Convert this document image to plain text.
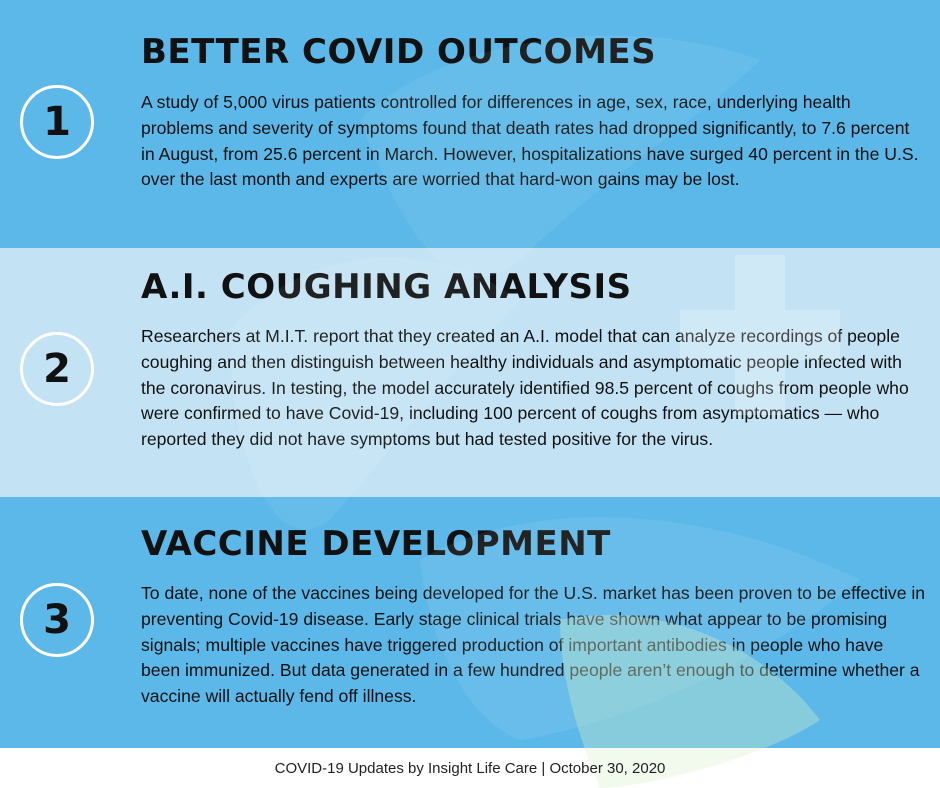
1
BETTER COVID OUTCOMES

A study of 5,000 virus patients controlled for differences in age, sex, race, underlying health problems and severity of symptoms found that death rates had dropped significantly, to 7.6 percent in August, from 25.6 percent in March. However, hospitalizations have surged 40 percent in the U.S. over the last month and experts are worried that hard-won gains may be lost.

2
A.I. COUGHING ANALYSIS

Researchers at M.I.T. report that they created an A.I. model that can analyze recordings of people coughing and then distinguish between healthy individuals and asymptomatic people infected with the coronavirus. In testing, the model accurately identified 98.5 percent of coughs from people who were confirmed to have Covid-19, including 100 percent of coughs from asymptomatics — who reported they did not have symptoms but had tested positive for the virus.

3
VACCINE DEVELOPMENT

To date, none of the vaccines being developed for the U.S. market has been proven to be effective in preventing Covid-19 disease. Early stage clinical trials have shown what appear to be promising signals; multiple vaccines have triggered production of important antibodies in people who have been immunized. But data generated in a few hundred people aren’t enough to determine whether a vaccine will actually fend off illness.

COVID-19 Updates by Insight Life Care | October 30, 2020
